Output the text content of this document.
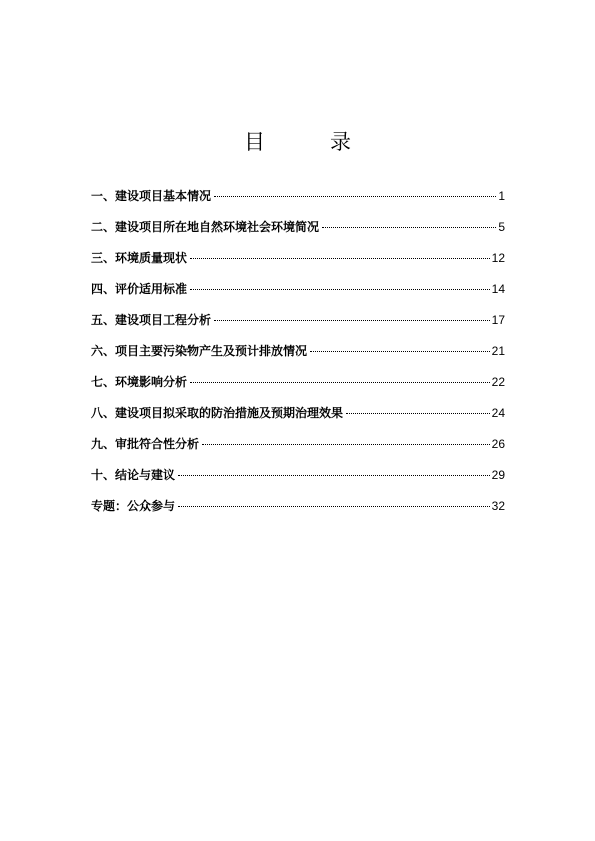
目　录
一、建设项目基本情况	1
二、建设项目所在地自然环境社会环境简况	5
三、环境质量现状	12
四、评价适用标准	14
五、建设项目工程分析	17
六、项目主要污染物产生及预计排放情况	21
七、环境影响分析	22
八、建设项目拟采取的防治措施及预期治理效果	24
九、审批符合性分析	26
十、结论与建议	29
专题：公众参与	32
